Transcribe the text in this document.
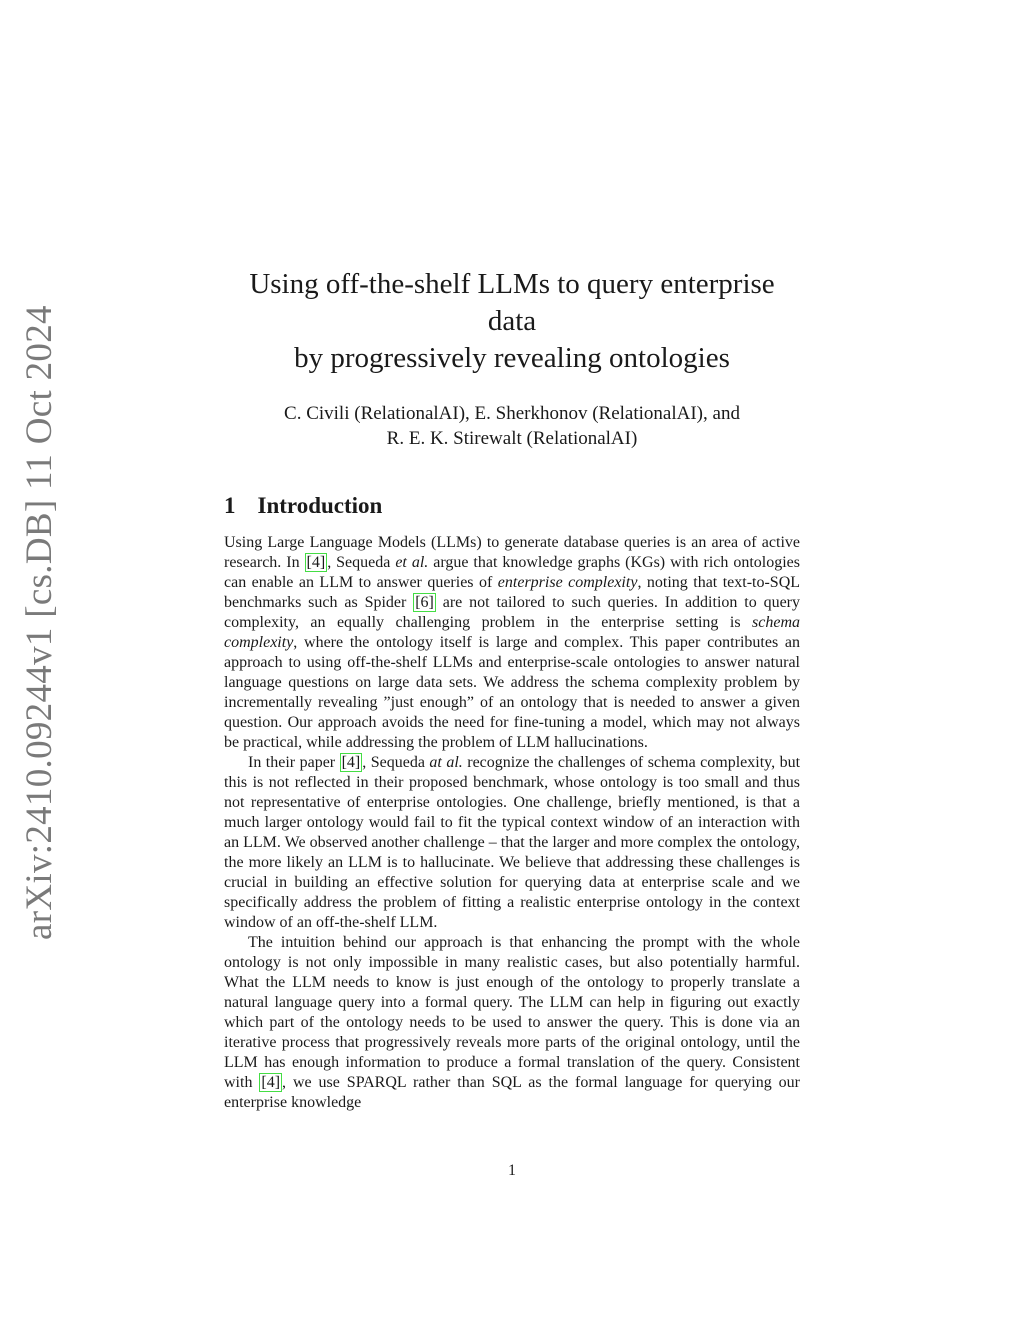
arXiv:2410.09244v1 [cs.DB] 11 Oct 2024
Using off-the-shelf LLMs to query enterprise data
by progressively revealing ontologies
C. Civili (RelationalAI), E. Sherkhonov (RelationalAI), and
R. E. K. Stirewalt (RelationalAI)
1 Introduction

Using Large Language Models (LLMs) to generate database queries is an area of active research. In [4] , Sequeda et al. argue that knowledge graphs (KGs) with rich ontologies can enable an LLM to answer queries of enterprise complexity, noting that text-to-SQL benchmarks such as Spider [6] are not tailored to such queries. In addition to query complexity, an equally challenging problem in the enterprise setting is schema complexity, where the ontology itself is large and complex. This paper contributes an approach to using off-the-shelf LLMs and enterprise-scale ontologies to answer natural language questions on large data sets. We address the schema complexity problem by incrementally revealing ”just enough” of an ontology that is needed to answer a given question. Our approach avoids the need for fine-tuning a model, which may not always be practical, while addressing the problem of LLM hallucinations.

In their paper [4] , Sequeda at al. recognize the challenges of schema complexity, but this is not reflected in their proposed benchmark, whose ontology is too small and thus not representative of enterprise ontologies. One challenge, briefly mentioned, is that a much larger ontology would fail to fit the typical context window of an interaction with an LLM. We observed another challenge – that the larger and more complex the ontology, the more likely an LLM is to hallucinate. We believe that addressing these challenges is crucial in building an effective solution for querying data at enterprise scale and we specifically address the problem of fitting a realistic enterprise ontology in the context window of an off-the-shelf LLM.

The intuition behind our approach is that enhancing the prompt with the whole ontology is not only impossible in many realistic cases, but also potentially harmful. What the LLM needs to know is just enough of the ontology to properly translate a natural language query into a formal query. The LLM can help in figuring out exactly which part of the ontology needs to be used to answer the query. This is done via an iterative process that progressively reveals more parts of the original ontology, until the LLM has enough information to produce a formal translation of the query. Consistent with [4] , we use SPARQL rather than SQL as the formal language for querying our enterprise knowledge

1
